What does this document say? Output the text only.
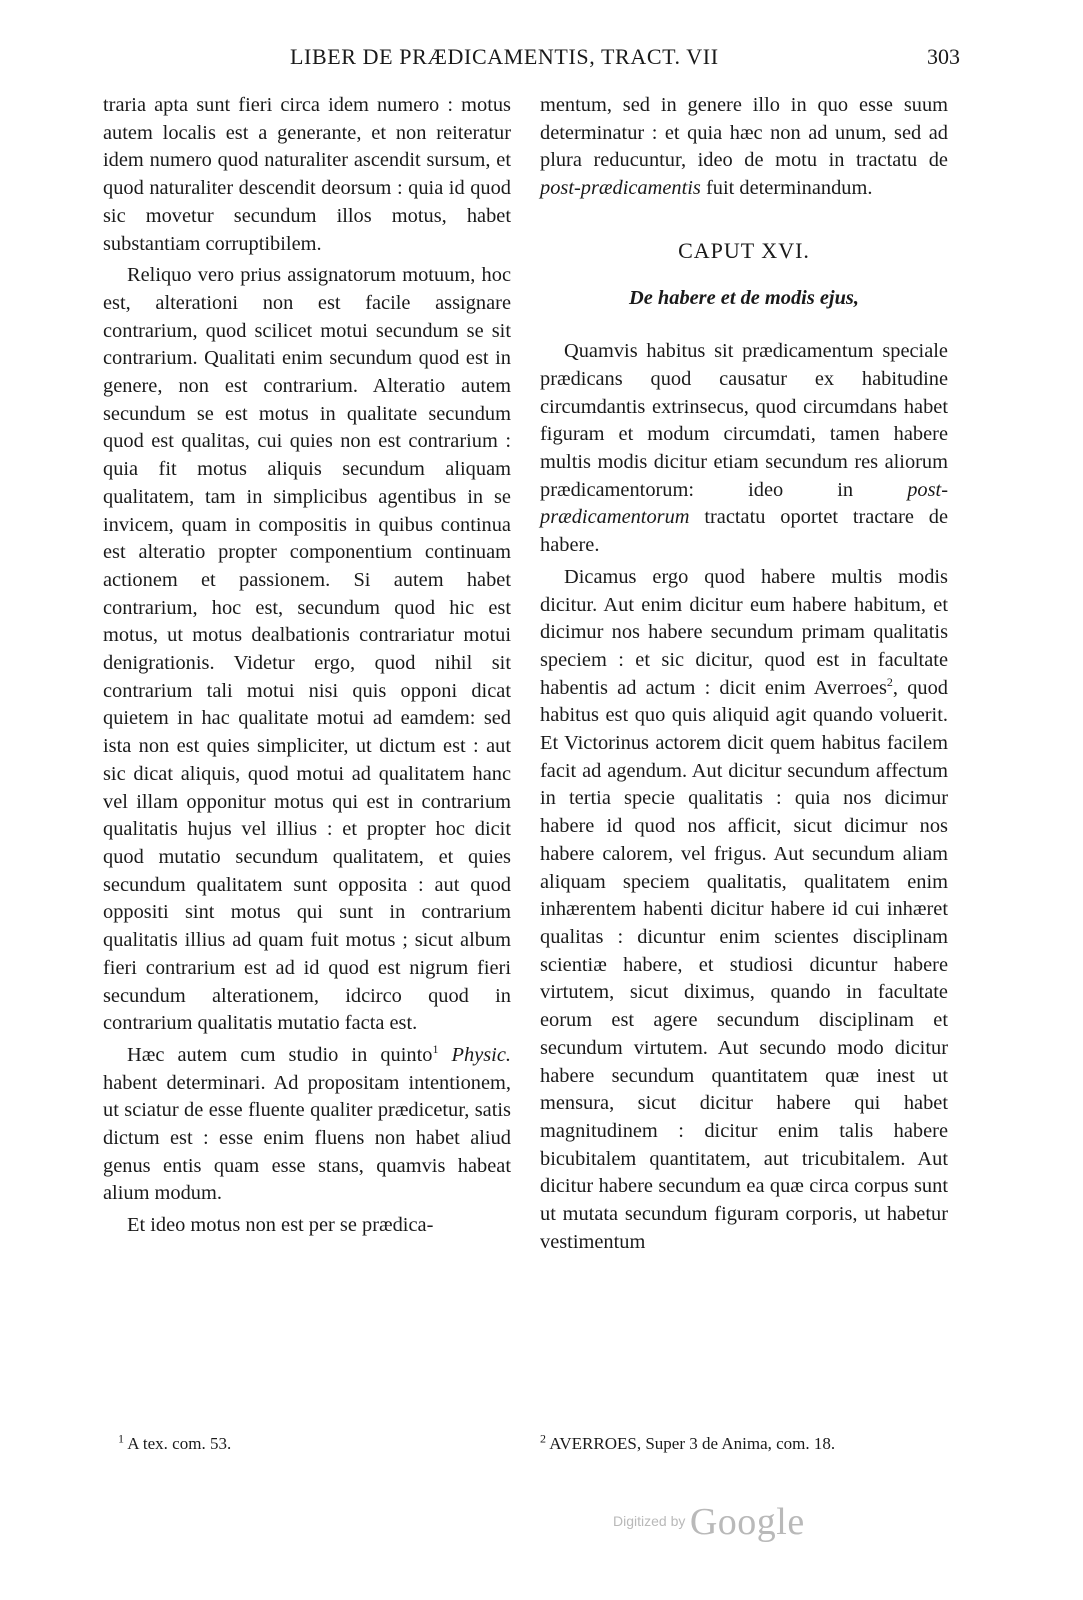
LIBER DE PRÆDICAMENTIS, TRACT. VII	303

traria apta sunt fieri circa idem numero : motus autem localis est a generante, et non reiteratur idem numero quod naturaliter ascendit sursum, et quod naturaliter descendit deorsum : quia id quod sic movetur secundum illos motus, habet substantiam corruptibilem.

Reliquo vero prius assignatorum motuum, hoc est, alterationi non est facile assignare contrarium, quod scilicet motui secundum se sit contrarium. Qualitati enim secundum quod est in genere, non est contrarium. Alteratio autem secundum se est motus in qualitate secundum quod est qualitas, cui quies non est contrarium : quia fit motus aliquis secundum aliquam qualitatem, tam in simplicibus agentibus in se invicem, quam in compositis in quibus continua est alteratio propter componentium continuam actionem et passionem. Si autem habet contrarium, hoc est, secundum quod hic est motus, ut motus dealbationis contrariatur motui denigrationis. Videtur ergo, quod nihil sit contrarium tali motui nisi quis opponi dicat quietem in hac qualitate motui ad eamdem: sed ista non est quies simpliciter, ut dictum est : aut sic dicat aliquis, quod motui ad qualitatem hanc vel illam opponitur motus qui est in contrarium qualitatis hujus vel illius : et propter hoc dicit quod mutatio secundum qualitatem, et quies secundum qualitatem sunt opposita : aut quod oppositi sint motus qui sunt in contrarium qualitatis illius ad quam fuit motus ; sicut album fieri contrarium est ad id quod est nigrum fieri secundum alterationem, idcirco quod in contrarium qualitatis mutatio facta est.

Hæc autem cum studio in quinto$^1$ Physic. habent determinari. Ad propositam intentionem, ut sciatur de esse fluente qualiter prædicetur, satis dictum est : esse enim fluens non habet aliud genus entis quam esse stans, quamvis habeat alium modum.

Et ideo motus non est per se prædica-

mentum, sed in genere illo in quo esse suum determinatur : et quia hæc non ad unum, sed ad plura reducuntur, ideo de motu in tractatu de post-prædicamentis fuit determinandum.

CAPUT XVI.
De habere et de modis ejus,

Quamvis habitus sit prædicamentum speciale prædicans quod causatur ex habitudine circumdantis extrinsecus, quod circumdans habet figuram et modum circumdati, tamen habere multis modis dicitur etiam secundum res aliorum prædicamentorum: ideo in post-prædicamentorum tractatu oportet tractare de habere.

Dicamus ergo quod habere multis modis dicitur. Aut enim dicitur eum habere habitum, et dicimur nos habere secundum primam qualitatis speciem : et sic dicitur, quod est in facultate habentis ad actum : dicit enim Averroes$^2$, quod habitus est quo quis aliquid agit quando voluerit. Et Victorinus actorem dicit quem habitus facilem facit ad agendum. Aut dicitur secundum affectum in tertia specie qualitatis : quia nos dicimur habere id quod nos afficit, sicut dicimur nos habere calorem, vel frigus. Aut secundum aliam aliquam speciem qualitatis, qualitatem enim inhærentem habenti dicitur habere id cui inhæret qualitas : dicuntur enim scientes disciplinam scientiæ habere, et studiosi dicuntur habere virtutem, sicut diximus, quando in facultate eorum est agere secundum disciplinam et secundum virtutem. Aut secundo modo dicitur habere secundum quantitatem quæ inest ut mensura, sicut dicitur habere qui habet magnitudinem : dicitur enim talis habere bicubitalem quantitatem, aut tricubitalem. Aut dicitur habere secundum ea quæ circa corpus sunt ut mutata secundum figuram corporis, ut habetur vestimentum

$^1$ A tex. com. 53.	$^2$ AVERROES, Super 3 de Anima, com. 18.
Digitized by Google
